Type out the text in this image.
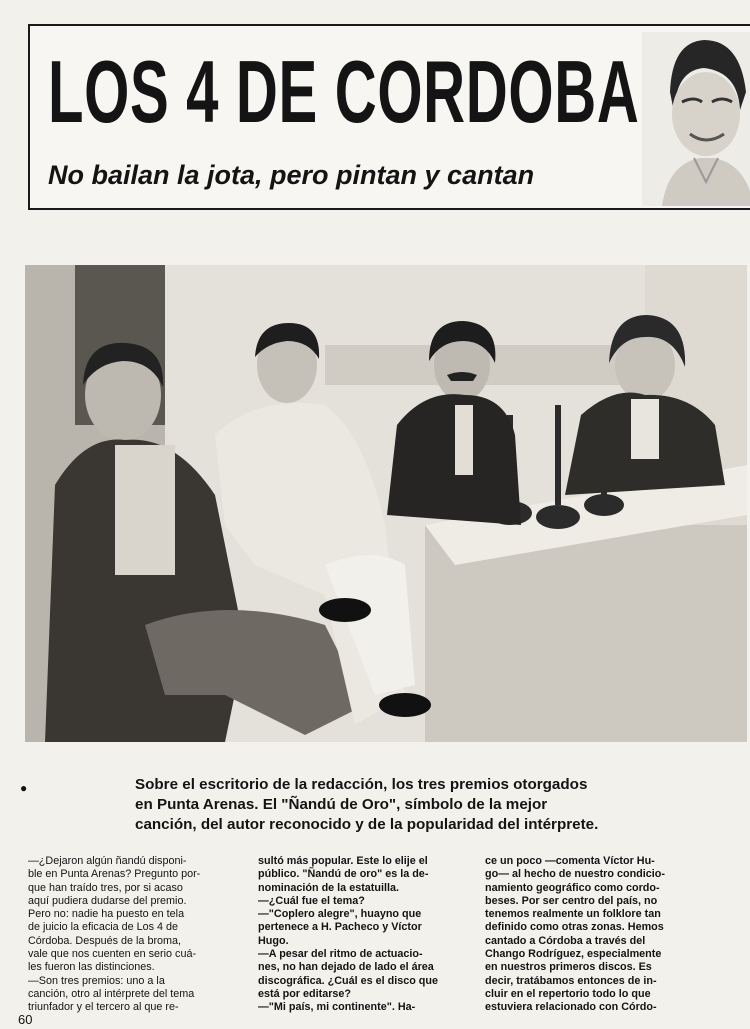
LOS 4 DE CORDOBA
No bailan la jota, pero pintan y cantan
●	Sobre el escritorio de la redacción, los tres premios otorgados
en Punta Arenas. El "Ñandú de Oro", símbolo de la mejor
canción, del autor reconocido y de la popularidad del intérprete.

—¿Dejaron algún ñandú disponi-
ble en Punta Arenas? Pregunto por-
que han traído tres, por si acaso
aquí pudiera dudarse del premio.
Pero no: nadie ha puesto en tela
de juicio la eficacia de Los 4 de
Córdoba. Después de la broma,
vale que nos cuenten en serio cuá-
les fueron las distinciones.
—Son tres premios: uno a la
canción, otro al intérprete del tema
triunfador y el tercero al que re-
sultó más popular. Este lo elije el
público. "Ñandú de oro" es la de-
nominación de la estatuilla.
—¿Cuál fue el tema?
—"Coplero alegre", huayno que
pertenece a H. Pacheco y Víctor
Hugo.
—A pesar del ritmo de actuacio-
nes, no han dejado de lado el área
discográfica. ¿Cuál es el disco que
está por editarse?
—"Mi país, mi continente". Ha-
ce un poco —comenta Víctor Hu-
go— al hecho de nuestro condicio-
namiento geográfico como cordo-
beses. Por ser centro del país, no
tenemos realmente un folklore tan
definido como otras zonas. Hemos
cantado a Córdoba a través del
Chango Rodríguez, especialmente
en nuestros primeros discos. Es
decir, tratábamos entonces de in-
cluir en el repertorio todo lo que
estuviera relacionado con Córdo-
60
